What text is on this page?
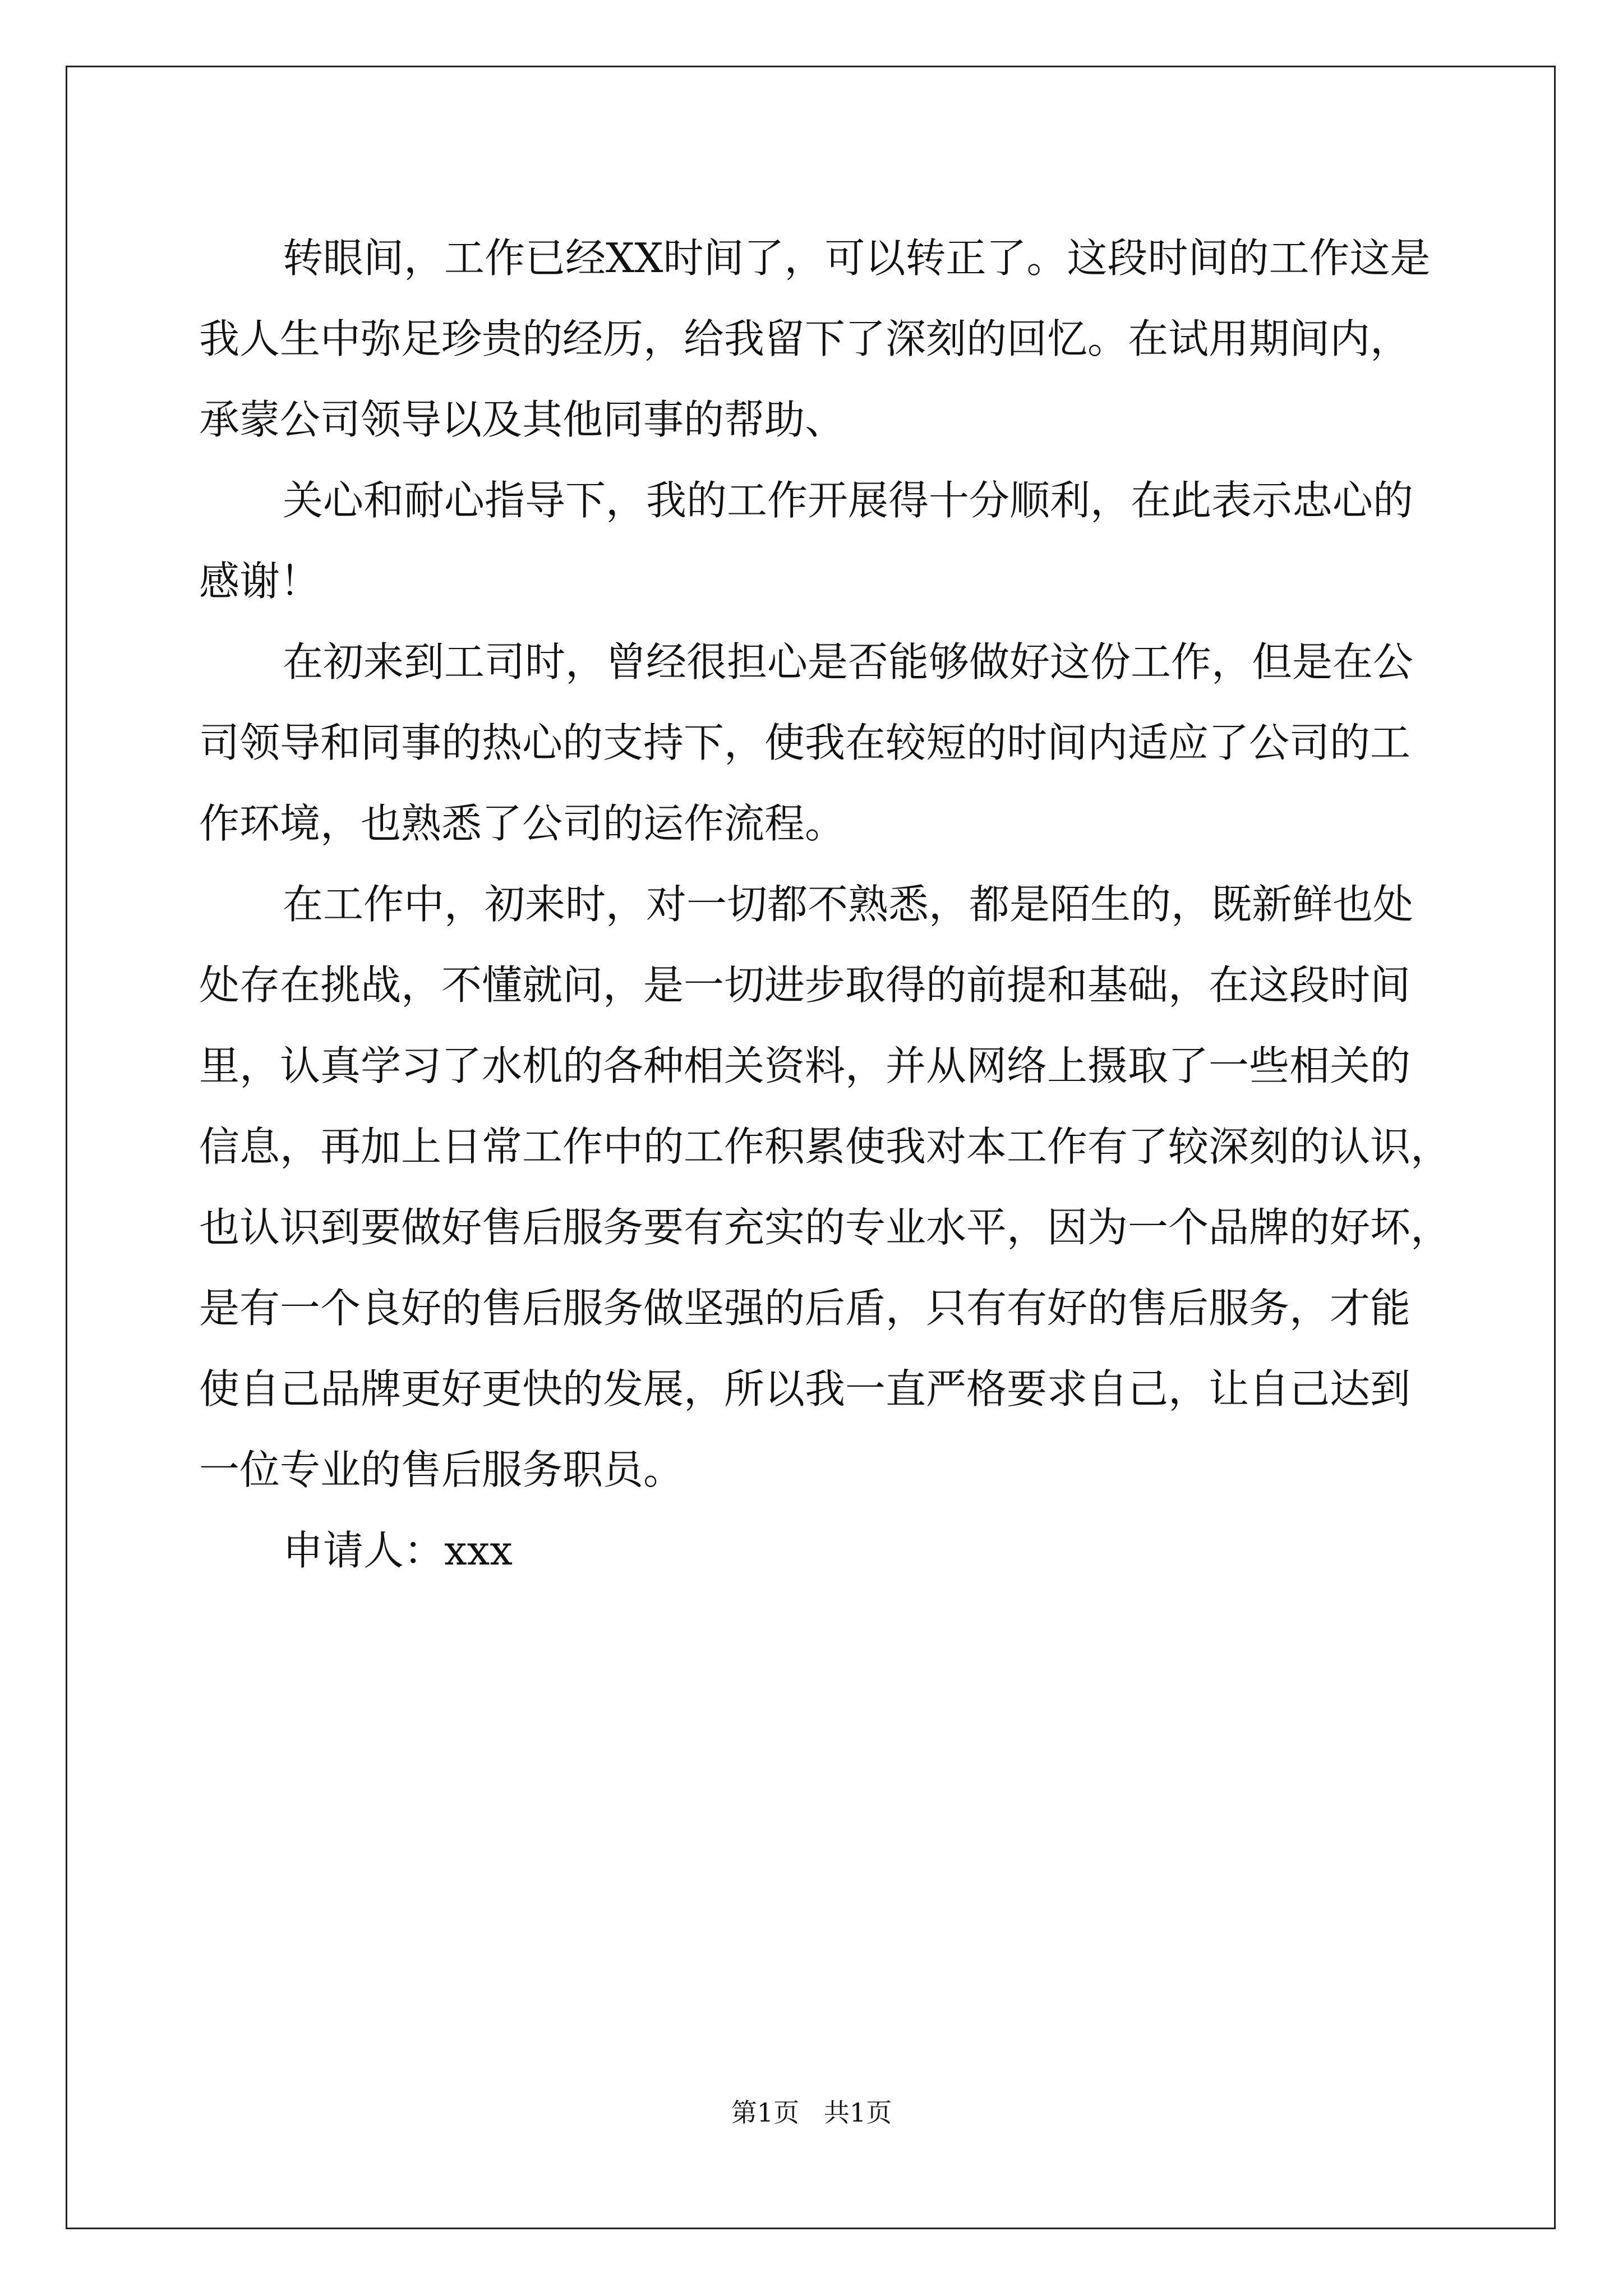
转眼间，工作已经XX时间了，可以转正了。这段时间的工作这是
我人生中弥足珍贵的经历，给我留下了深刻的回忆。在试用期间内，
承蒙公司领导以及其他同事的帮助、
关心和耐心指导下，我的工作开展得十分顺利，在此表示忠心的
感谢！
在初来到工司时，曾经很担心是否能够做好这份工作，但是在公
司领导和同事的热心的支持下，使我在较短的时间内适应了公司的工
作环境，也熟悉了公司的运作流程。
在工作中，初来时，对一切都不熟悉，都是陌生的，既新鲜也处
处存在挑战，不懂就问，是一切进步取得的前提和基础，在这段时间
里，认真学习了水机的各种相关资料，并从网络上摄取了一些相关的
信息，再加上日常工作中的工作积累使我对本工作有了较深刻的认识，
也认识到要做好售后服务要有充实的专业水平，因为一个品牌的好坏，
是有一个良好的售后服务做坚强的后盾，只有有好的售后服务，才能
使自己品牌更好更快的发展，所以我一直严格要求自己，让自己达到
一位专业的售后服务职员。
申请人：xxx
第1页   共1页
